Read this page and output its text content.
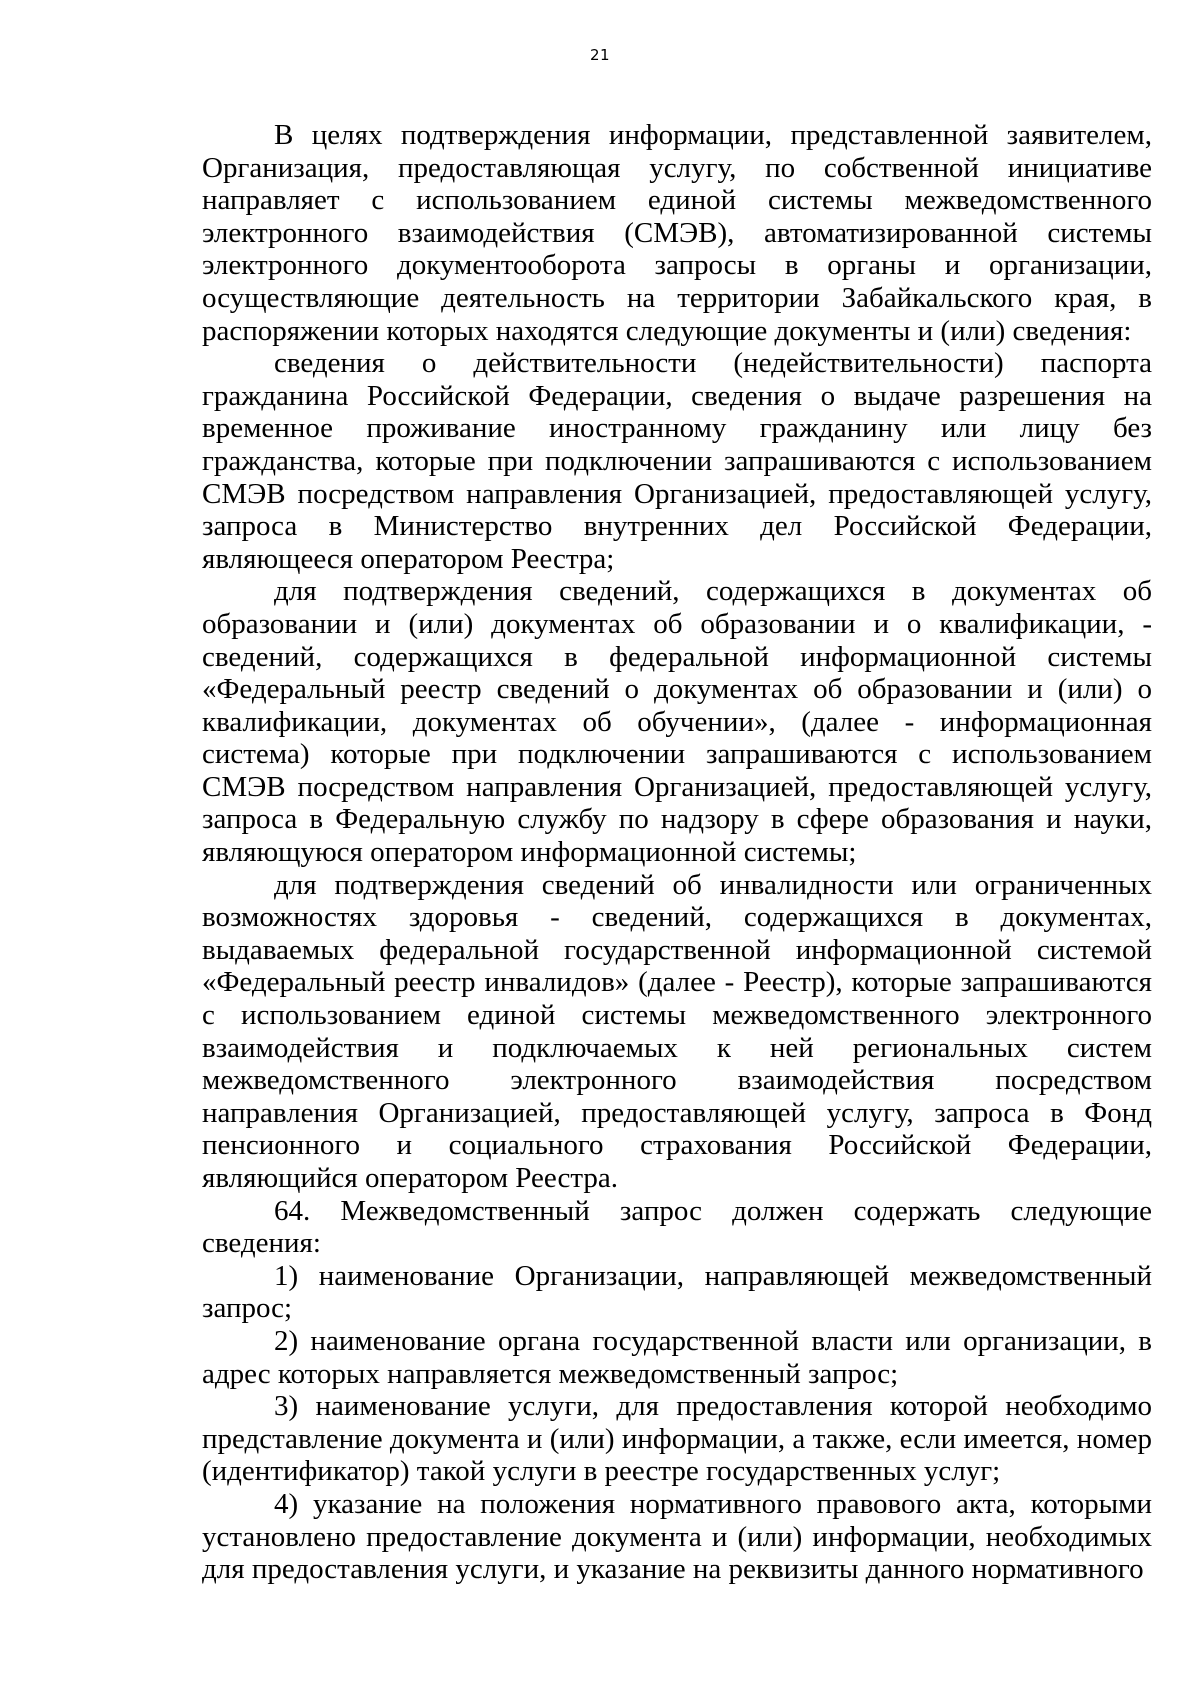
21

В целях подтверждения информации, представленной заявителем, Организация, предоставляющая услугу, по собственной инициативе направляет с использованием единой системы межведомственного электронного взаимодействия (СМЭВ), автоматизированной системы электронного документооборота запросы в органы и организации, осуществляющие деятельность на территории Забайкальского края, в распоряжении которых находятся следующие документы и (или) сведения:

сведения о действительности (недействительности) паспорта гражданина Российской Федерации, сведения о выдаче разрешения на временное проживание иностранному гражданину или лицу без гражданства, которые при подключении запрашиваются с использованием СМЭВ посредством направления Организацией, предоставляющей услугу, запроса в Министерство внутренних дел Российской Федерации, являющееся оператором Реестра;

для подтверждения сведений, содержащихся в документах об образовании и (или) документах об образовании и о квалификации, - сведений, содержащихся в федеральной информационной системы «Федеральный реестр сведений о документах об образовании и (или) о квалификации, документах об обучении», (далее - информационная система) которые при подключении запрашиваются с использованием СМЭВ посредством направления Организацией, предоставляющей услугу, запроса в Федеральную службу по надзору в сфере образования и науки, являющуюся оператором информационной системы;

для подтверждения сведений об инвалидности или ограниченных возможностях здоровья - сведений, содержащихся в документах, выдаваемых федеральной государственной информационной системой «Федеральный реестр инвалидов» (далее - Реестр), которые запрашиваются с использованием единой системы межведомственного электронного взаимодействия и подключаемых к ней региональных систем межведомственного электронного взаимодействия посредством направления Организацией, предоставляющей услугу, запроса в Фонд пенсионного и социального страхования Российской Федерации, являющийся оператором Реестра.

64. Межведомственный запрос должен содержать следующие сведения:

1) наименование Организации, направляющей межведомственный запрос;

2) наименование органа государственной власти или организации, в адрес которых направляется межведомственный запрос;

3) наименование услуги, для предоставления которой необходимо представление документа и (или) информации, а также, если имеется, номер (идентификатор) такой услуги в реестре государственных услуг;

4) указание на положения нормативного правового акта, которыми установлено предоставление документа и (или) информации, необходимых для предоставления услуги, и указание на реквизиты данного нормативного
